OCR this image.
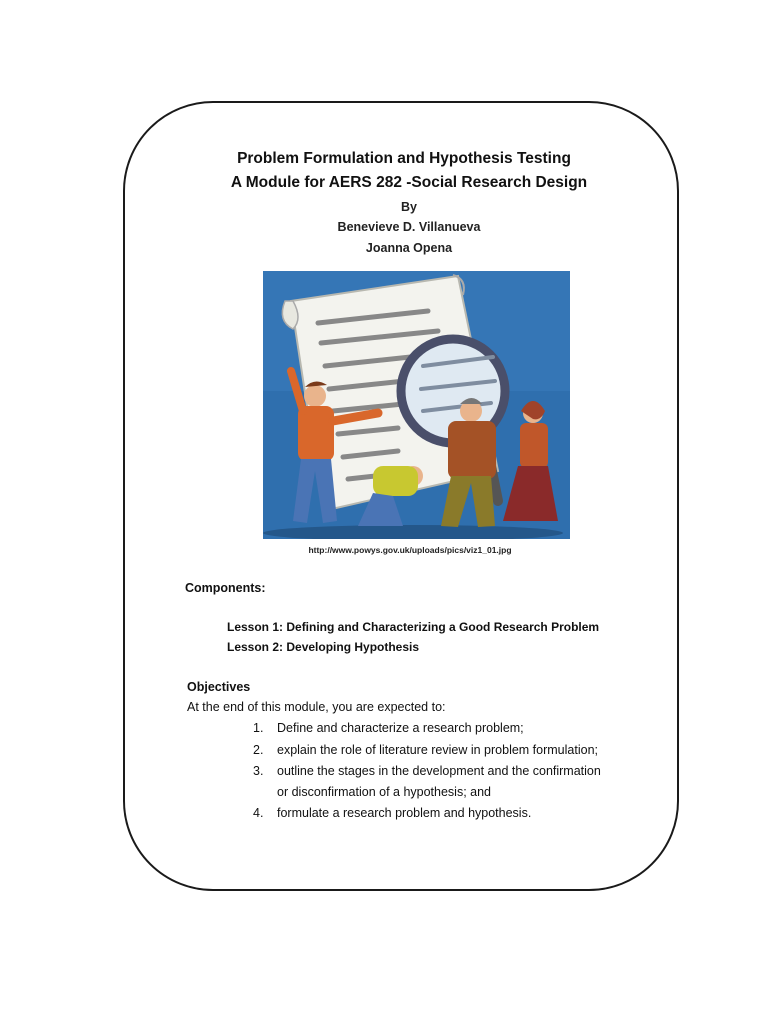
Problem Formulation and Hypothesis Testing
A Module for AERS 282 -Social Research Design
By
Benevieve D. Villanueva
Joanna Opena
http://www.powys.gov.uk/uploads/pics/viz1_01.jpg
Components:
Lesson 1: Defining and Characterizing a Good Research Problem
Lesson 2: Developing Hypothesis
Objectives
At the end of this module, you are expected to:
1. Define and characterize a research problem;
2. explain the role of literature review in problem formulation;
3. outline the stages in the development and the confirmation
or disconfirmation of a hypothesis; and
4. formulate a research problem and hypothesis.
